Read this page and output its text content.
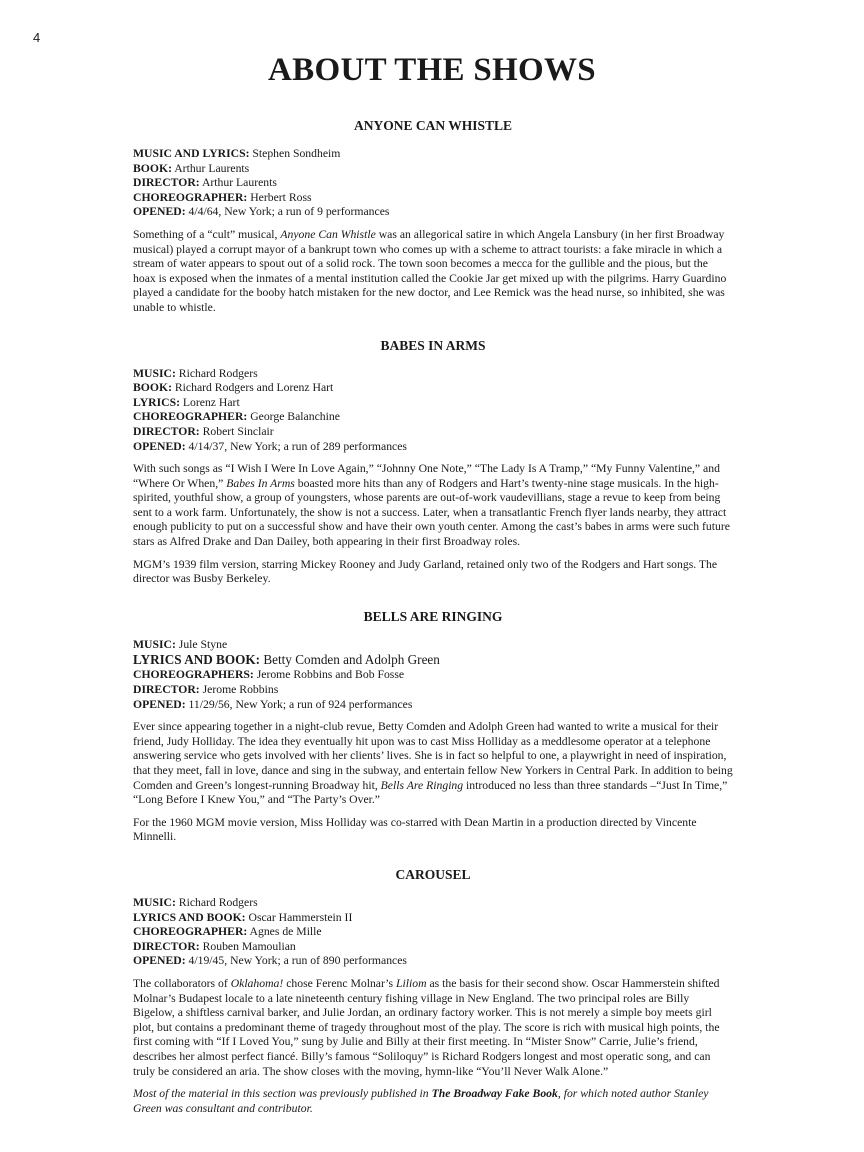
4
ABOUT THE SHOWS
ANYONE CAN WHISTLE
MUSIC AND LYRICS: Stephen Sondheim
BOOK: Arthur Laurents
DIRECTOR: Arthur Laurents
CHOREOGRAPHER: Herbert Ross
OPENED: 4/4/64, New York; a run of 9 performances

Something of a “cult” musical, Anyone Can Whistle was an allegorical satire in which Angela Lansbury (in her first Broadway musical) played a corrupt mayor of a bankrupt town who comes up with a scheme to attract tourists: a fake miracle in which a stream of water appears to spout out of a solid rock. The town soon becomes a mecca for the gullible and the pious, but the hoax is exposed when the inmates of a mental institution called the Cookie Jar get mixed up with the pilgrims. Harry Guardino played a candidate for the booby hatch mistaken for the new doctor, and Lee Remick was the head nurse, so inhibited, she was unable to whistle.

BABES IN ARMS
MUSIC: Richard Rodgers
BOOK: Richard Rodgers and Lorenz Hart
LYRICS: Lorenz Hart
CHOREOGRAPHER: George Balanchine
DIRECTOR: Robert Sinclair
OPENED: 4/14/37, New York; a run of 289 performances

With such songs as “I Wish I Were In Love Again,” “Johnny One Note,” “The Lady Is A Tramp,” “My Funny Valentine,” and “Where Or When,” Babes In Arms boasted more hits than any of Rodgers and Hart’s twenty-nine stage musicals. In the high-spirited, youthful show, a group of youngsters, whose parents are out-of-work vaudevillians, stage a revue to keep from being sent to a work farm. Unfortunately, the show is not a success. Later, when a transatlantic French flyer lands nearby, they attract enough publicity to put on a successful show and have their own youth center. Among the cast’s babes in arms were such future stars as Alfred Drake and Dan Dailey, both appearing in their first Broadway roles.

MGM’s 1939 film version, starring Mickey Rooney and Judy Garland, retained only two of the Rodgers and Hart songs. The director was Busby Berkeley.

BELLS ARE RINGING
MUSIC: Jule Styne
LYRICS AND BOOK: Betty Comden and Adolph Green
CHOREOGRAPHERS: Jerome Robbins and Bob Fosse
DIRECTOR: Jerome Robbins
OPENED: 11/29/56, New York; a run of 924 performances

Ever since appearing together in a night-club revue, Betty Comden and Adolph Green had wanted to write a musical for their friend, Judy Holliday. The idea they eventually hit upon was to cast Miss Holliday as a meddlesome operator at a telephone answering service who gets involved with her clients’ lives. She is in fact so helpful to one, a playwright in need of inspiration, that they meet, fall in love, dance and sing in the subway, and entertain fellow New Yorkers in Central Park. In addition to being Comden and Green’s longest-running Broadway hit, Bells Are Ringing introduced no less than three standards –“Just In Time,” “Long Before I Knew You,” and “The Party’s Over.”

For the 1960 MGM movie version, Miss Holliday was co-starred with Dean Martin in a production directed by Vincente Minnelli.

CAROUSEL
MUSIC: Richard Rodgers
LYRICS AND BOOK: Oscar Hammerstein II
CHOREOGRAPHER: Agnes de Mille
DIRECTOR: Rouben Mamoulian
OPENED: 4/19/45, New York; a run of 890 performances

The collaborators of Oklahoma! chose Ferenc Molnar’s Liliom as the basis for their second show. Oscar Hammerstein shifted Molnar’s Budapest locale to a late nineteenth century fishing village in New England. The two principal roles are Billy Bigelow, a shiftless carnival barker, and Julie Jordan, an ordinary factory worker. This is not merely a simple boy meets girl plot, but contains a predominant theme of tragedy throughout most of the play. The score is rich with musical high points, the first coming with “If I Loved You,” sung by Julie and Billy at their first meeting. In “Mister Snow” Carrie, Julie’s friend, describes her almost perfect fiancé. Billy’s famous “Soliloquy” is Richard Rodgers longest and most operatic song, and can truly be considered an aria. The show closes with the moving, hymn-like “You’ll Never Walk Alone.”

Most of the material in this section was previously published in The Broadway Fake Book, for which noted author Stanley Green was consultant and contributor.
